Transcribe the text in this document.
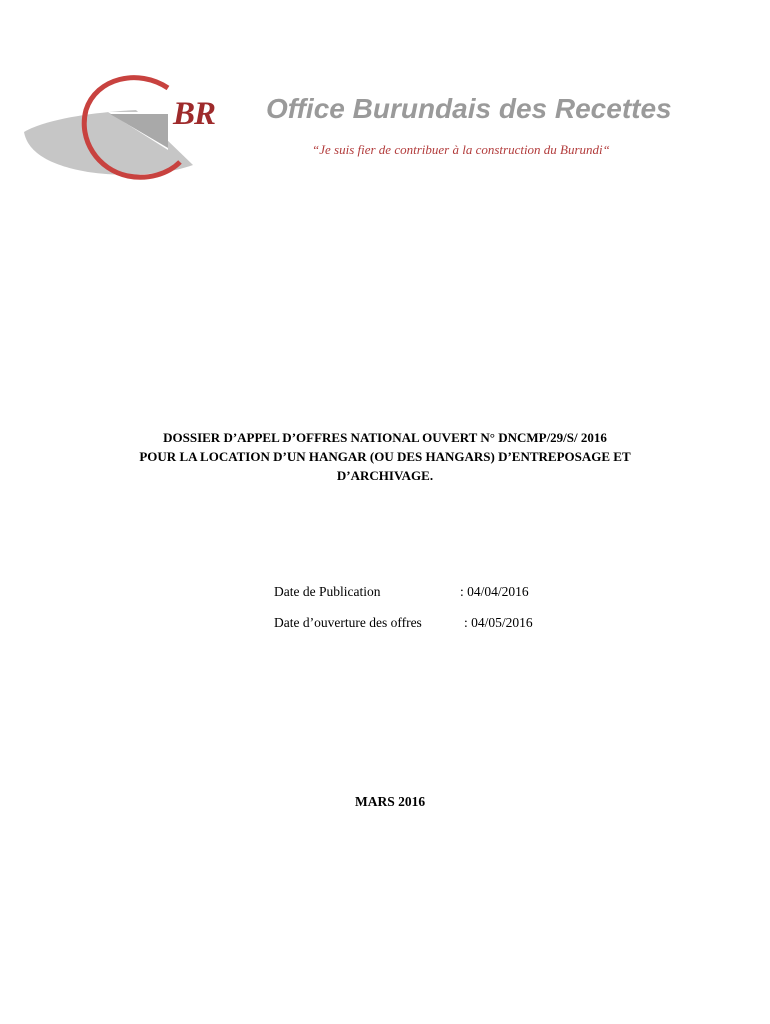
BR Office Burundais des Recettes
“Je suis fier de contribuer à la construction du Burundi“
DOSSIER D’APPEL D’OFFRES NATIONAL OUVERT N° DNCMP/29/S/ 2016
POUR LA LOCATION D’UN HANGAR (OU DES HANGARS) D’ENTREPOSAGE ET
D’ARCHIVAGE.
Date de Publication	: 04/04/2016
Date d’ouverture des offres	: 04/05/2016
MARS 2016
